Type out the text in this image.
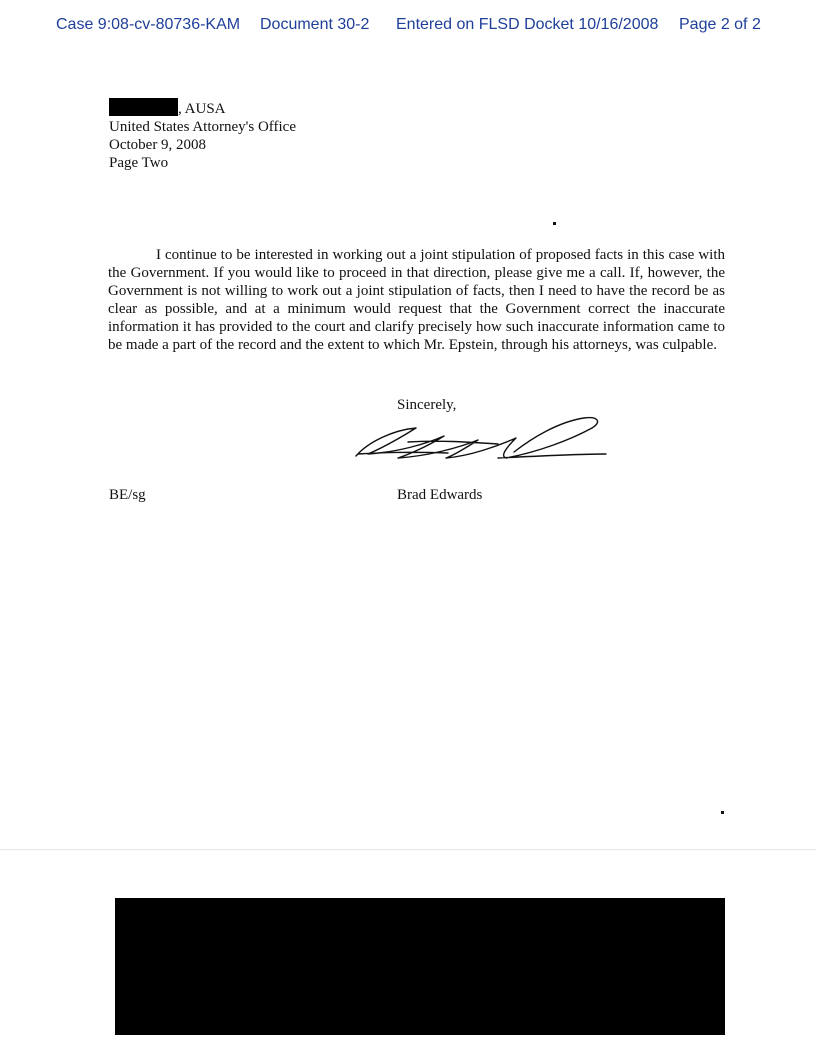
Case 9:08-cv-80736-KAM Document 30-2 Entered on FLSD Docket 10/16/2008 Page 2 of 2
, AUSA
United States Attorney's Office
October 9, 2008
Page Two
I continue to be interested in working out a joint stipulation of proposed facts in this case with the Government. If you would like to proceed in that direction, please give me a call. If, however, the Government is not willing to work out a joint stipulation of facts, then I need to have the record be as clear as possible, and at a minimum would request that the Government correct the inaccurate information it has provided to the court and clarify precisely how such inaccurate information came to be made a part of the record and the extent to which Mr. Epstein, through his attorneys, was culpable.
Sincerely,
BE/sg	Brad Edwards
